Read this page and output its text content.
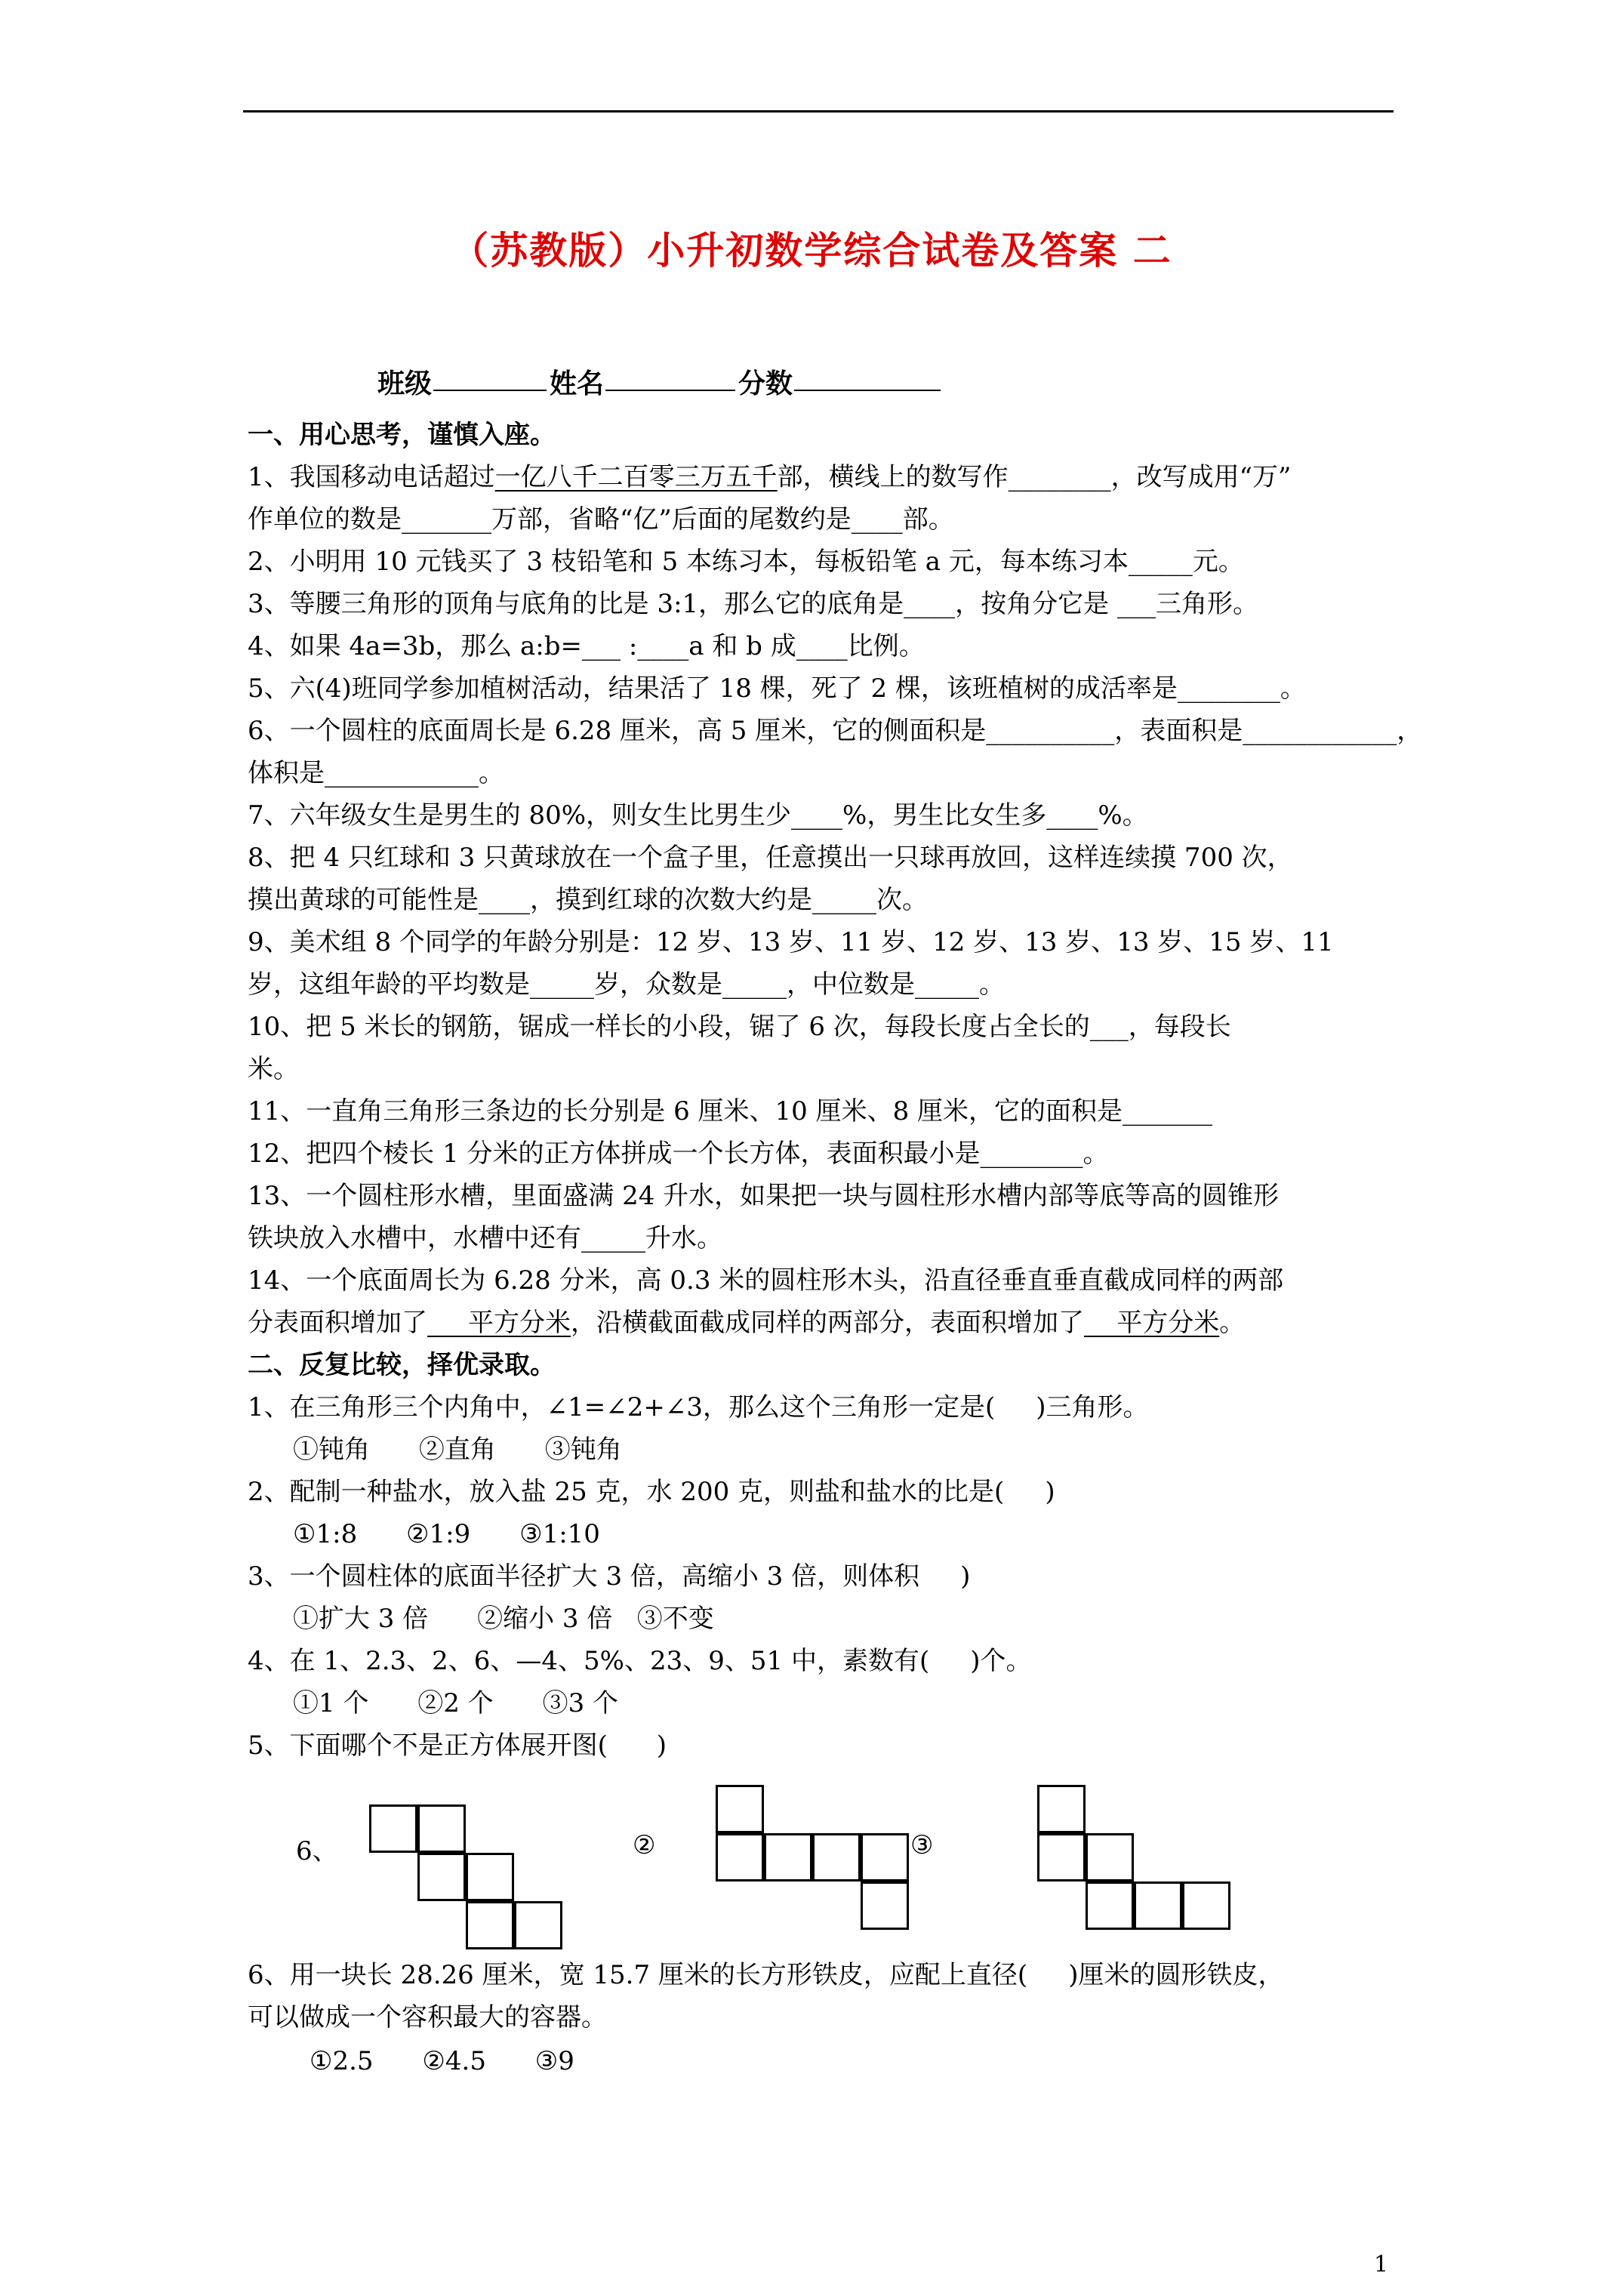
（苏教版）小升初数学综合试卷及答案 二
班级	姓名	分数
一、用心思考，谨慎入座。
1、我国移动电话超过一亿八千二百零三万五千部，横线上的数写作________，改写成用“万”
作单位的数是_______万部，省略“亿”后面的尾数约是____部。
2、小明用 10 元钱买了 3 枝铅笔和 5 本练习本，每板铅笔 a 元，每本练习本_____元。
3、等腰三角形的顶角与底角的比是 3:1，那么它的底角是____，按角分它是 ___三角形。
4、如果 4a=3b，那么 a:b=___ :____a 和 b 成____比例。
5、六(4)班同学参加植树活动，结果活了 18 棵，死了 2 棵，该班植树的成活率是________。
6、一个圆柱的底面周长是 6.28 厘米，高 5 厘米，它的侧面积是__________，表面积是____________，
体积是____________。
7、六年级女生是男生的 80%，则女生比男生少____%，男生比女生多____%。
8、把 4 只红球和 3 只黄球放在一个盒子里，任意摸出一只球再放回，这样连续摸 700 次，
摸出黄球的可能性是____，摸到红球的次数大约是_____次。
9、美术组 8 个同学的年龄分别是：12 岁、13 岁、11 岁、12 岁、13 岁、13 岁、15 岁、11
岁，这组年龄的平均数是_____岁，众数是_____，中位数是_____。
10、把 5 米长的钢筋，锯成一样长的小段，锯了 6 次，每段长度占全长的___，每段长
米。
11、一直角三角形三条边的长分别是 6 厘米、10 厘米、8 厘米，它的面积是_______
12、把四个棱长 1 分米的正方体拼成一个长方体，表面积最小是________。
13、一个圆柱形水槽，里面盛满 24 升水，如果把一块与圆柱形水槽内部等底等高的圆锥形
铁块放入水槽中，水槽中还有_____升水。
14、一个底面周长为 6.28 分米，高 0.3 米的圆柱形木头，沿直径垂直垂直截成同样的两部
分表面积增加了     平方分米，沿横截面截成同样的两部分，表面积增加了    平方分米。
二、反复比较，择优录取。
1、在三角形三个内角中，∠1=∠2+∠3，那么这个三角形一定是(     )三角形。
①钝角      ②直角      ③钝角
2、配制一种盐水，放入盐 25 克，水 200 克，则盐和盐水的比是(     )
①1:8      ②1:9      ③1:10
3、一个圆柱体的底面半径扩大 3 倍，高缩小 3 倍，则体积     )
①扩大 3 倍      ②缩小 3 倍   ③不变
4、在 1、2.3、2、6、—4、5%、23、9、51 中，素数有(     )个。
①1 个      ②2 个      ③3 个
5、下面哪个不是正方体展开图(      )
6、	②	③
6、用一块长 28.26 厘米，宽 15.7 厘米的长方形铁皮，应配上直径(     )厘米的圆形铁皮，
可以做成一个容积最大的容器。
①2.5      ②4.5      ③9
1
